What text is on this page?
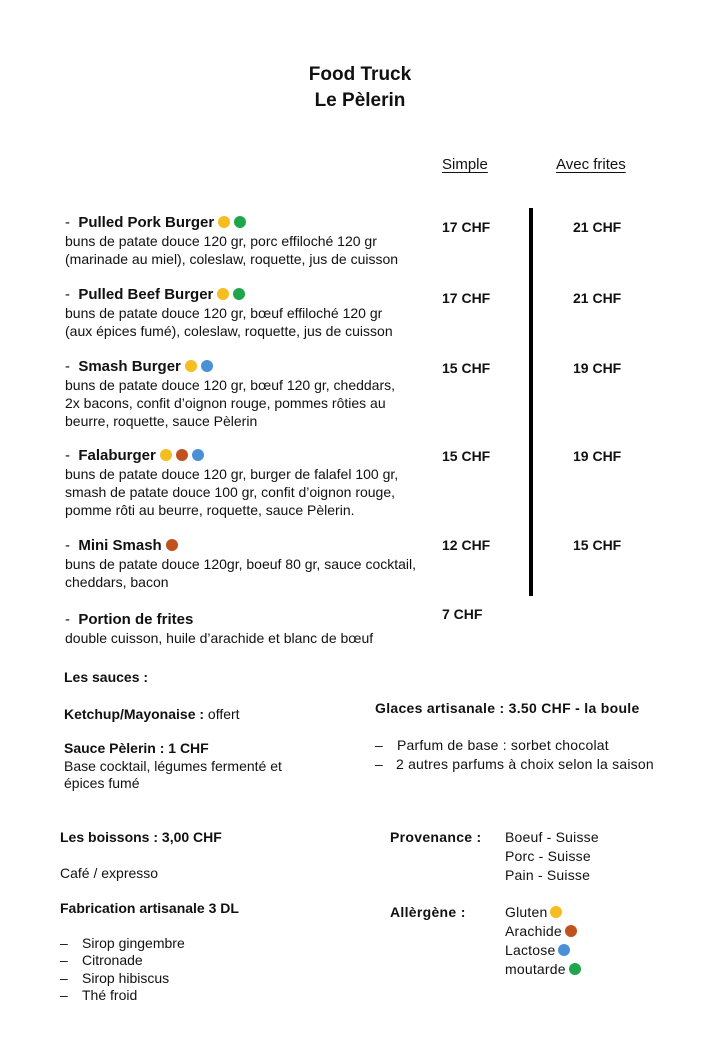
Food Truck
Le Pèlerin
Simple	Avec frites
-  Pulled Pork Burger
buns de patate douce 120 gr, porc effiloché 120 gr
(marinade au miel), coleslaw, roquette, jus de cuisson
17 CHF	21 CHF
-  Pulled Beef Burger
buns de patate douce 120 gr, bœuf effiloché 120 gr
(aux épices fumé), coleslaw, roquette, jus de cuisson
17 CHF	21 CHF
-  Smash Burger
buns de patate douce 120 gr, bœuf 120 gr, cheddars,
2x bacons, confit d’oignon rouge, pommes rôties au
beurre, roquette, sauce Pèlerin
15 CHF	19 CHF
-  Falaburger
buns de patate douce 120 gr, burger de falafel 100 gr,
smash de patate douce 100 gr, confit d’oignon rouge,
pomme rôti au beurre, roquette, sauce Pèlerin.
15 CHF	19 CHF
-  Mini Smash
buns de patate douce 120gr, boeuf 80 gr, sauce cocktail,
cheddars, bacon
12 CHF	15 CHF
-  Portion de frites
double cuisson, huile d’arachide et blanc de bœuf
7 CHF
Les sauces :
Ketchup/Mayonaise : offert
Sauce Pèlerin : 1 CHF
Base cocktail, légumes fermenté et
épices fumé
Glaces artisanale : 3.50 CHF - la boule
– Parfum de base : sorbet chocolat
– 2 autres parfums à choix selon la saison
Les boissons : 3,00 CHF
Café / expresso
Fabrication artisanale 3 DL
– Sirop gingembre
– Citronade
– Sirop hibiscus
– Thé froid
Provenance : Boeuf - Suisse
Porc - Suisse
Pain - Suisse
Allèrgène :	Gluten
Arachide
Lactose
moutarde
